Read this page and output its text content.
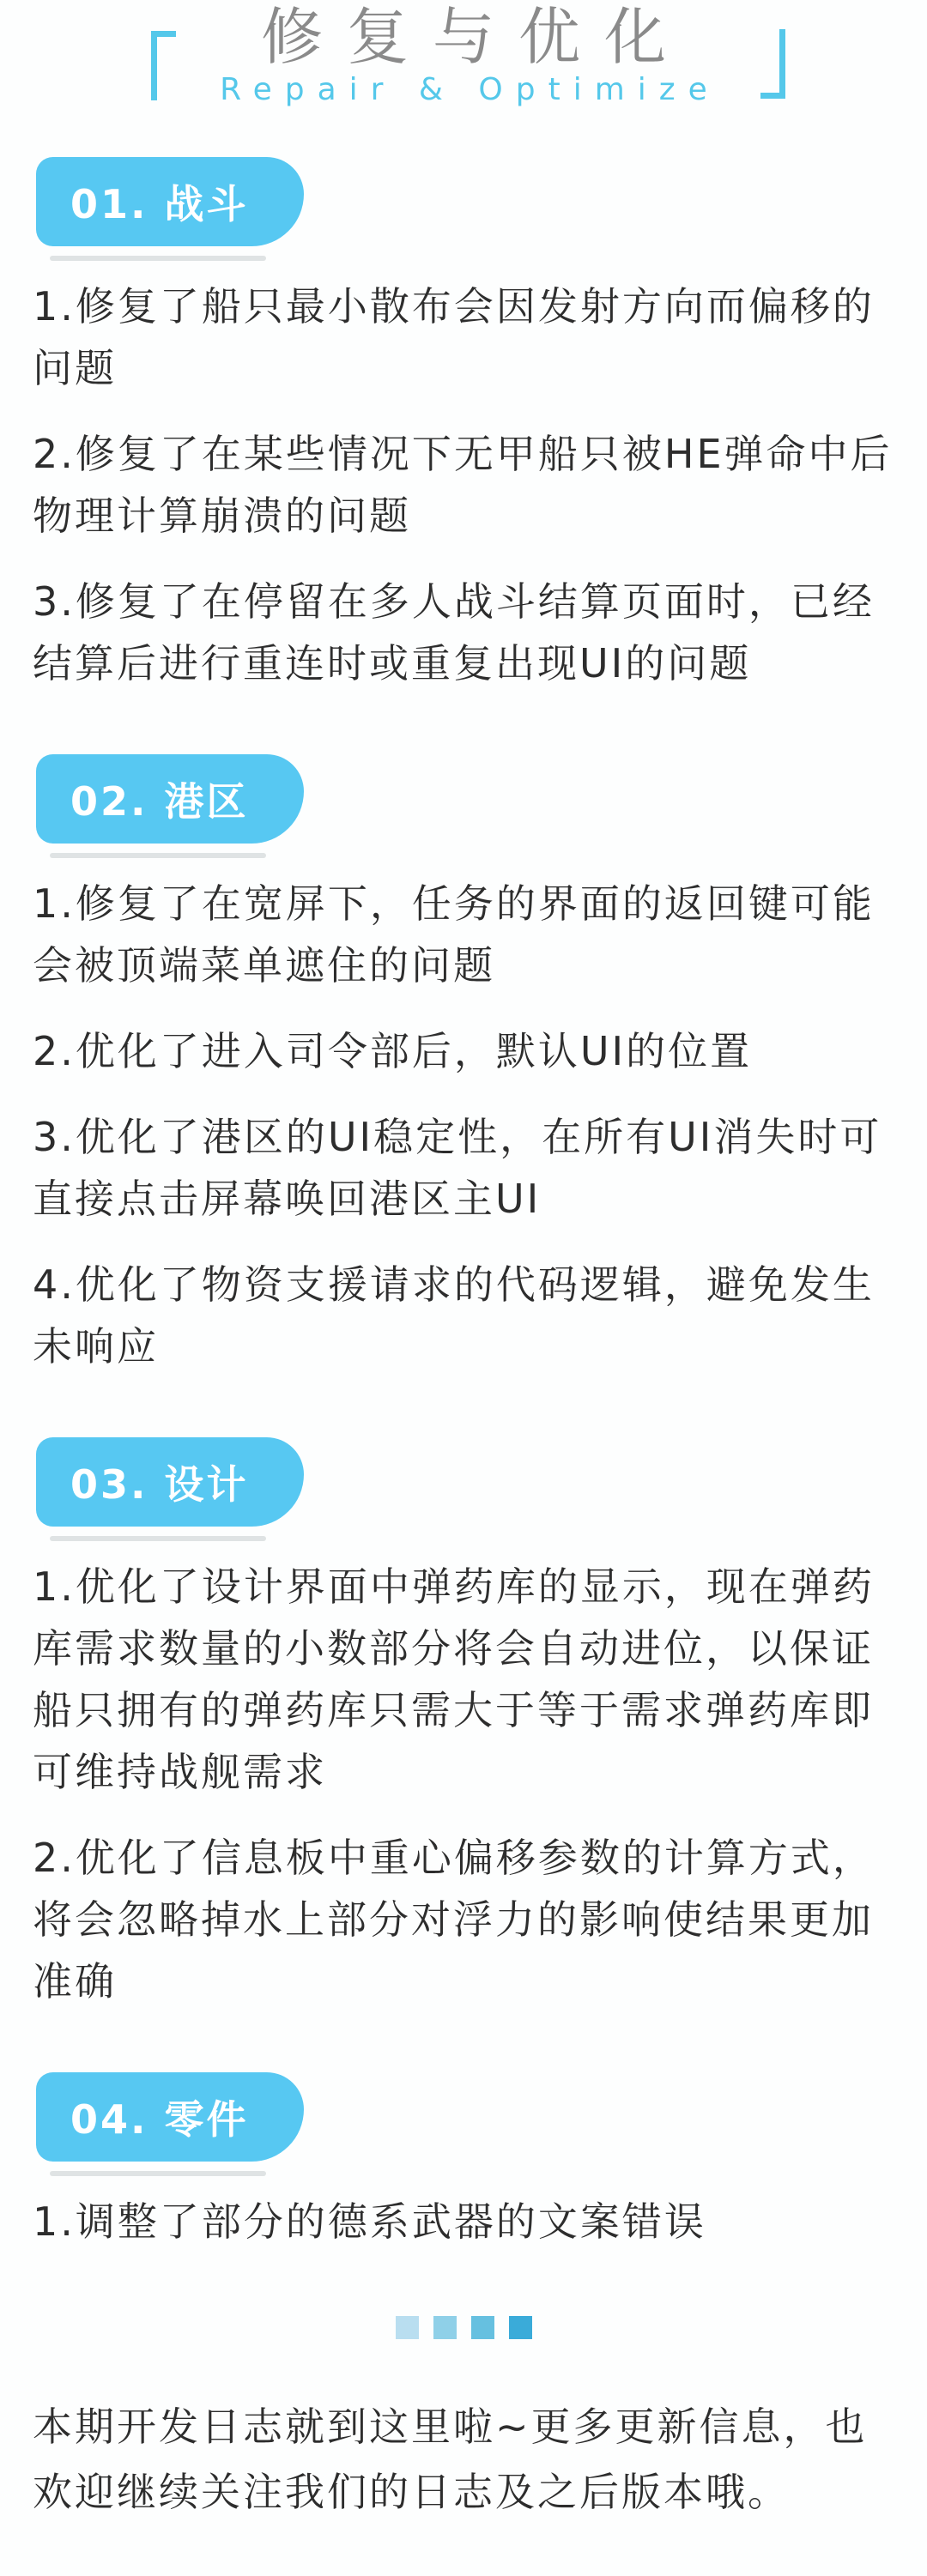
修复与优化

Repair & Optimize

01. 战斗

1.修复了船只最小散布会因发射方向而偏移的问题

2.修复了在某些情况下无甲船只被HE弹命中后物理计算崩溃的问题

3.修复了在停留在多人战斗结算页面时，已经结算后进行重连时或重复出现UI的问题

02. 港区

1.修复了在宽屏下，任务的界面的返回键可能会被顶端菜单遮住的问题

2.优化了进入司令部后，默认UI的位置

3.优化了港区的UI稳定性，在所有UI消失时可直接点击屏幕唤回港区主UI

4.优化了物资支援请求的代码逻辑，避免发生未响应

03. 设计

1.优化了设计界面中弹药库的显示，现在弹药库需求数量的小数部分将会自动进位，以保证船只拥有的弹药库只需大于等于需求弹药库即可维持战舰需求

2.优化了信息板中重心偏移参数的计算方式，将会忽略掉水上部分对浮力的影响使结果更加准确

04. 零件

1.调整了部分的德系武器的文案错误

本期开发日志就到这里啦~更多更新信息，也欢迎继续关注我们的日志及之后版本哦。
